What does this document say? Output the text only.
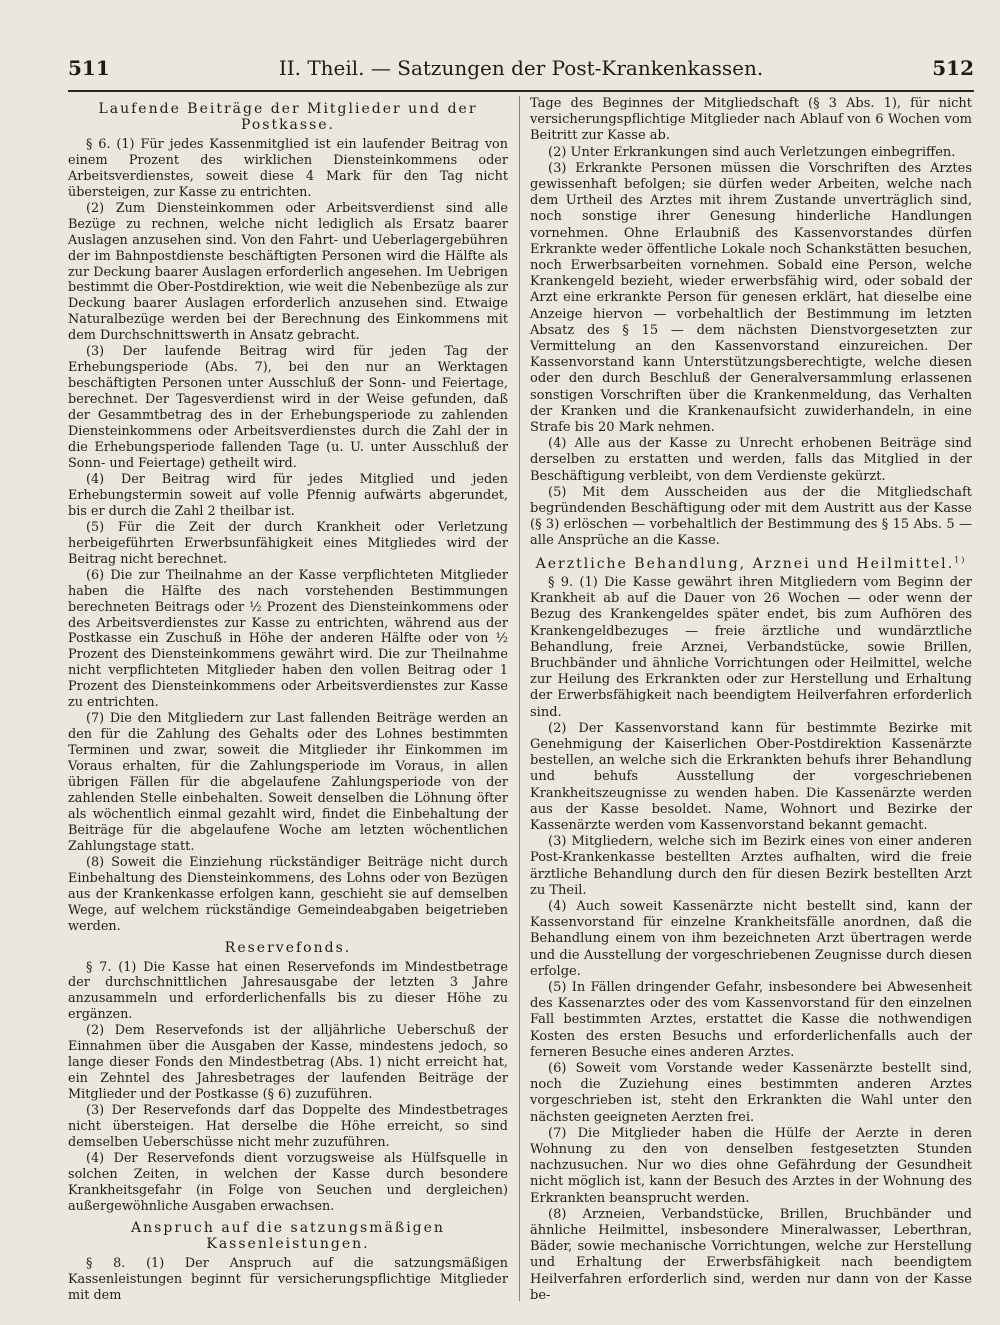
511	II. Theil. — Satzungen der Post-Krankenkassen.	512
Laufende Beiträge der Mitglieder und der Postkasse.

§ 6. (1) Für jedes Kassenmitglied ist ein laufender Beitrag von einem Prozent des wirklichen Diensteinkommens oder Arbeitsverdienstes, soweit diese 4 Mark für den Tag nicht übersteigen, zur Kasse zu entrichten.

(2) Zum Diensteinkommen oder Arbeitsverdienst sind alle Bezüge zu rechnen, welche nicht lediglich als Ersatz baarer Auslagen anzusehen sind. Von den Fahrt- und Ueberlagergebühren der im Bahnpostdienste beschäftigten Personen wird die Hälfte als zur Deckung baarer Auslagen erforderlich angesehen. Im Uebrigen bestimmt die Ober-Postdirektion, wie weit die Nebenbezüge als zur Deckung baarer Auslagen erforderlich anzusehen sind. Etwaige Naturalbezüge werden bei der Berechnung des Einkommens mit dem Durchschnittswerth in Ansatz gebracht.

(3) Der laufende Beitrag wird für jeden Tag der Erhebungsperiode (Abs. 7), bei den nur an Werktagen beschäftigten Personen unter Ausschluß der Sonn- und Feiertage, berechnet. Der Tagesverdienst wird in der Weise gefunden, daß der Gesammtbetrag des in der Erhebungsperiode zu zahlenden Diensteinkommens oder Arbeitsverdienstes durch die Zahl der in die Erhebungsperiode fallenden Tage (u. U. unter Ausschluß der Sonn- und Feiertage) getheilt wird.

(4) Der Beitrag wird für jedes Mitglied und jeden Erhebungstermin soweit auf volle Pfennig aufwärts abgerundet, bis er durch die Zahl 2 theilbar ist.

(5) Für die Zeit der durch Krankheit oder Verletzung herbeigeführten Erwerbsunfähigkeit eines Mitgliedes wird der Beitrag nicht berechnet.

(6) Die zur Theilnahme an der Kasse verpflichteten Mitglieder haben die Hälfte des nach vorstehenden Bestimmungen berechneten Beitrags oder ½ Prozent des Diensteinkommens oder des Arbeitsverdienstes zur Kasse zu entrichten, während aus der Postkasse ein Zuschuß in Höhe der anderen Hälfte oder von ½ Prozent des Diensteinkommens gewährt wird. Die zur Theilnahme nicht verpflichteten Mitglieder haben den vollen Beitrag oder 1 Prozent des Diensteinkommens oder Arbeitsverdienstes zur Kasse zu entrichten.

(7) Die den Mitgliedern zur Last fallenden Beiträge werden an den für die Zahlung des Gehalts oder des Lohnes bestimmten Terminen und zwar, soweit die Mitglieder ihr Einkommen im Voraus erhalten, für die Zahlungsperiode im Voraus, in allen übrigen Fällen für die abgelaufene Zahlungsperiode von der zahlenden Stelle einbehalten. Soweit denselben die Löhnung öfter als wöchentlich einmal gezahlt wird, findet die Einbehaltung der Beiträge für die abgelaufene Woche am letzten wöchentlichen Zahlungstage statt.

(8) Soweit die Einziehung rückständiger Beiträge nicht durch Einbehaltung des Diensteinkommens, des Lohns oder von Bezügen aus der Krankenkasse erfolgen kann, geschieht sie auf demselben Wege, auf welchem rückständige Gemeindeabgaben beigetrieben werden.

Reservefonds.

§ 7. (1) Die Kasse hat einen Reservefonds im Mindestbetrage der durchschnittlichen Jahresausgabe der letzten 3 Jahre anzusammeln und erforderlichenfalls bis zu dieser Höhe zu ergänzen.

(2) Dem Reservefonds ist der alljährliche Ueberschuß der Einnahmen über die Ausgaben der Kasse, mindestens jedoch, so lange dieser Fonds den Mindestbetrag (Abs. 1) nicht erreicht hat, ein Zehntel des Jahresbetrages der laufenden Beiträge der Mitglieder und der Postkasse (§ 6) zuzuführen.

(3) Der Reservefonds darf das Doppelte des Mindestbetrages nicht übersteigen. Hat derselbe die Höhe erreicht, so sind demselben Ueberschüsse nicht mehr zuzuführen.

(4) Der Reservefonds dient vorzugsweise als Hülfsquelle in solchen Zeiten, in welchen der Kasse durch besondere Krankheitsgefahr (in Folge von Seuchen und dergleichen) außergewöhnliche Ausgaben erwachsen.

Anspruch auf die satzungsmäßigen Kassenleistungen.

§ 8. (1) Der Anspruch auf die satzungsmäßigen Kassenleistungen beginnt für versicherungspflichtige Mitglieder mit dem

Tage des Beginnes der Mitgliedschaft (§ 3 Abs. 1), für nicht versicherungspflichtige Mitglieder nach Ablauf von 6 Wochen vom Beitritt zur Kasse ab.

(2) Unter Erkrankungen sind auch Verletzungen einbegriffen.

(3) Erkrankte Personen müssen die Vorschriften des Arztes gewissenhaft befolgen; sie dürfen weder Arbeiten, welche nach dem Urtheil des Arztes mit ihrem Zustande unverträglich sind, noch sonstige ihrer Genesung hinderliche Handlungen vornehmen. Ohne Erlaubniß des Kassenvorstandes dürfen Erkrankte weder öffentliche Lokale noch Schankstätten besuchen, noch Erwerbsarbeiten vornehmen. Sobald eine Person, welche Krankengeld bezieht, wieder erwerbsfähig wird, oder sobald der Arzt eine erkrankte Person für genesen erklärt, hat dieselbe eine Anzeige hiervon — vorbehaltlich der Bestimmung im letzten Absatz des § 15 — dem nächsten Dienstvorgesetzten zur Vermittelung an den Kassenvorstand einzureichen. Der Kassenvorstand kann Unterstützungsberechtigte, welche diesen oder den durch Beschluß der Generalversammlung erlassenen sonstigen Vorschriften über die Krankenmeldung, das Verhalten der Kranken und die Krankenaufsicht zuwiderhandeln, in eine Strafe bis 20 Mark nehmen.

(4) Alle aus der Kasse zu Unrecht erhobenen Beiträge sind derselben zu erstatten und werden, falls das Mitglied in der Beschäftigung verbleibt, von dem Verdienste gekürzt.

(5) Mit dem Ausscheiden aus der die Mitgliedschaft begründenden Beschäftigung oder mit dem Austritt aus der Kasse (§ 3) erlöschen — vorbehaltlich der Bestimmung des § 15 Abs. 5 — alle Ansprüche an die Kasse.

Aerztliche Behandlung, Arznei und Heilmittel.$^{1)}$

§ 9. (1) Die Kasse gewährt ihren Mitgliedern vom Beginn der Krankheit ab auf die Dauer von 26 Wochen — oder wenn der Bezug des Krankengeldes später endet, bis zum Aufhören des Krankengeldbezuges — freie ärztliche und wundärztliche Behandlung, freie Arznei, Verbandstücke, sowie Brillen, Bruchbänder und ähnliche Vorrichtungen oder Heilmittel, welche zur Heilung des Erkrankten oder zur Herstellung und Erhaltung der Erwerbsfähigkeit nach beendigtem Heilverfahren erforderlich sind.

(2) Der Kassenvorstand kann für bestimmte Bezirke mit Genehmigung der Kaiserlichen Ober-Postdirektion Kassenärzte bestellen, an welche sich die Erkrankten behufs ihrer Behandlung und behufs Ausstellung der vorgeschriebenen Krankheitszeugnisse zu wenden haben. Die Kassenärzte werden aus der Kasse besoldet. Name, Wohnort und Bezirke der Kassenärzte werden vom Kassenvorstand bekannt gemacht.

(3) Mitgliedern, welche sich im Bezirk eines von einer anderen Post-Krankenkasse bestellten Arztes aufhalten, wird die freie ärztliche Behandlung durch den für diesen Bezirk bestellten Arzt zu Theil.

(4) Auch soweit Kassenärzte nicht bestellt sind, kann der Kassenvorstand für einzelne Krankheitsfälle anordnen, daß die Behandlung einem von ihm bezeichneten Arzt übertragen werde und die Ausstellung der vorgeschriebenen Zeugnisse durch diesen erfolge.

(5) In Fällen dringender Gefahr, insbesondere bei Abwesenheit des Kassenarztes oder des vom Kassenvorstand für den einzelnen Fall bestimmten Arztes, erstattet die Kasse die nothwendigen Kosten des ersten Besuchs und erforderlichenfalls auch der ferneren Besuche eines anderen Arztes.

(6) Soweit vom Vorstande weder Kassenärzte bestellt sind, noch die Zuziehung eines bestimmten anderen Arztes vorgeschrieben ist, steht den Erkrankten die Wahl unter den nächsten geeigneten Aerzten frei.

(7) Die Mitglieder haben die Hülfe der Aerzte in deren Wohnung zu den von denselben festgesetzten Stunden nachzusuchen. Nur wo dies ohne Gefährdung der Gesundheit nicht möglich ist, kann der Besuch des Arztes in der Wohnung des Erkrankten beansprucht werden.

(8) Arzneien, Verbandstücke, Brillen, Bruchbänder und ähnliche Heilmittel, insbesondere Mineralwasser, Leberthran, Bäder, sowie mechanische Vorrichtungen, welche zur Herstellung und Erhaltung der Erwerbsfähigkeit nach beendigtem Heilverfahren erforderlich sind, werden nur dann von der Kasse be-
